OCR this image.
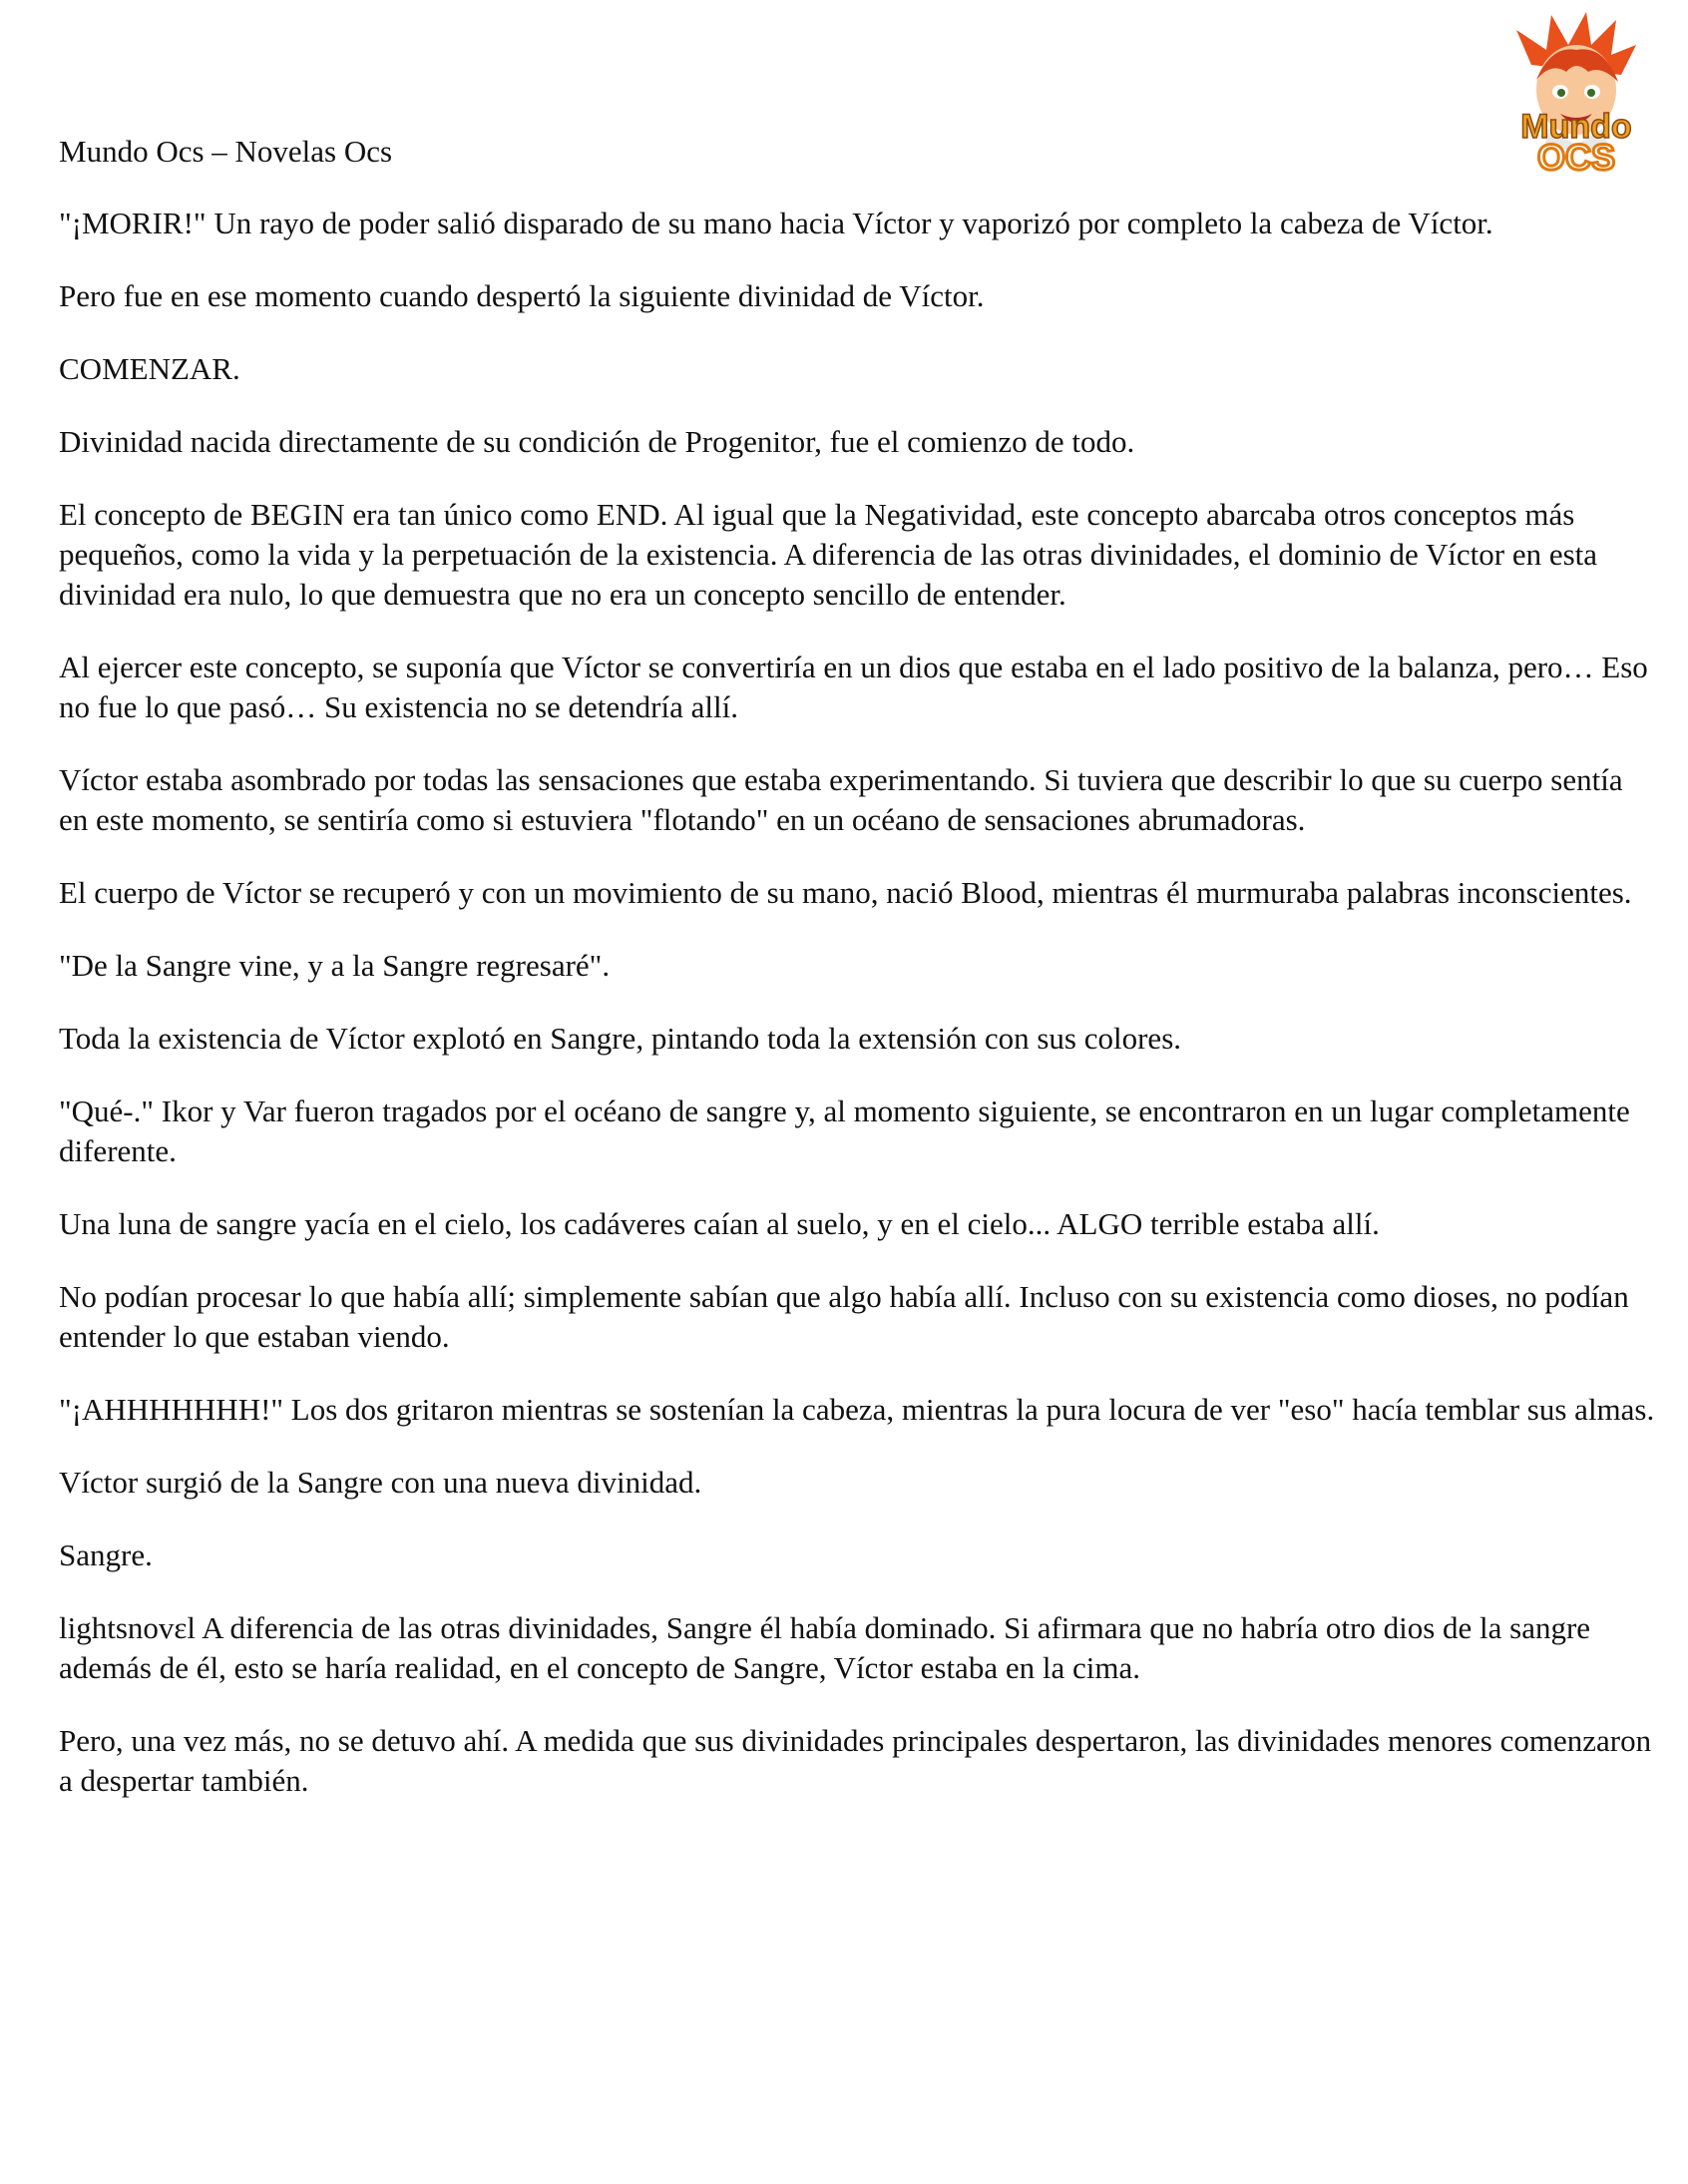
Mundo Ocs – Novelas Ocs
Mundo
OCS

"¡MORIR!" Un rayo de poder salió disparado de su mano hacia Víctor y vaporizó por completo la cabeza de Víctor.

Pero fue en ese momento cuando despertó la siguiente divinidad de Víctor.

COMENZAR.

Divinidad nacida directamente de su condición de Progenitor, fue el comienzo de todo.

El concepto de BEGIN era tan único como END. Al igual que la Negatividad, este concepto abarcaba otros conceptos más pequeños, como la vida y la perpetuación de la existencia. A diferencia de las otras divinidades, el dominio de Víctor en esta divinidad era nulo, lo que demuestra que no era un concepto sencillo de entender.

Al ejercer este concepto, se suponía que Víctor se convertiría en un dios que estaba en el lado positivo de la balanza, pero… Eso no fue lo que pasó… Su existencia no se detendría allí.

Víctor estaba asombrado por todas las sensaciones que estaba experimentando. Si tuviera que describir lo que su cuerpo sentía en este momento, se sentiría como si estuviera "flotando" en un océano de sensaciones abrumadoras.

El cuerpo de Víctor se recuperó y con un movimiento de su mano, nació Blood, mientras él murmuraba palabras inconscientes.

"De la Sangre vine, y a la Sangre regresaré".

Toda la existencia de Víctor explotó en Sangre, pintando toda la extensión con sus colores.

"Qué-." Ikor y Var fueron tragados por el océano de sangre y, al momento siguiente, se encontraron en un lugar completamente diferente.

Una luna de sangre yacía en el cielo, los cadáveres caían al suelo, y en el cielo... ALGO terrible estaba allí.

No podían procesar lo que había allí; simplemente sabían que algo había allí. Incluso con su existencia como dioses, no podían entender lo que estaban viendo.

"¡AHHHHHHH!" Los dos gritaron mientras se sostenían la cabeza, mientras la pura locura de ver "eso" hacía temblar sus almas.

Víctor surgió de la Sangre con una nueva divinidad.

Sangre.

lightsnovɛl A diferencia de las otras divinidades, Sangre él había dominado. Si afirmara que no habría otro dios de la sangre además de él, esto se haría realidad, en el concepto de Sangre, Víctor estaba en la cima.

Pero, una vez más, no se detuvo ahí. A medida que sus divinidades principales despertaron, las divinidades menores comenzaron a despertar también.
